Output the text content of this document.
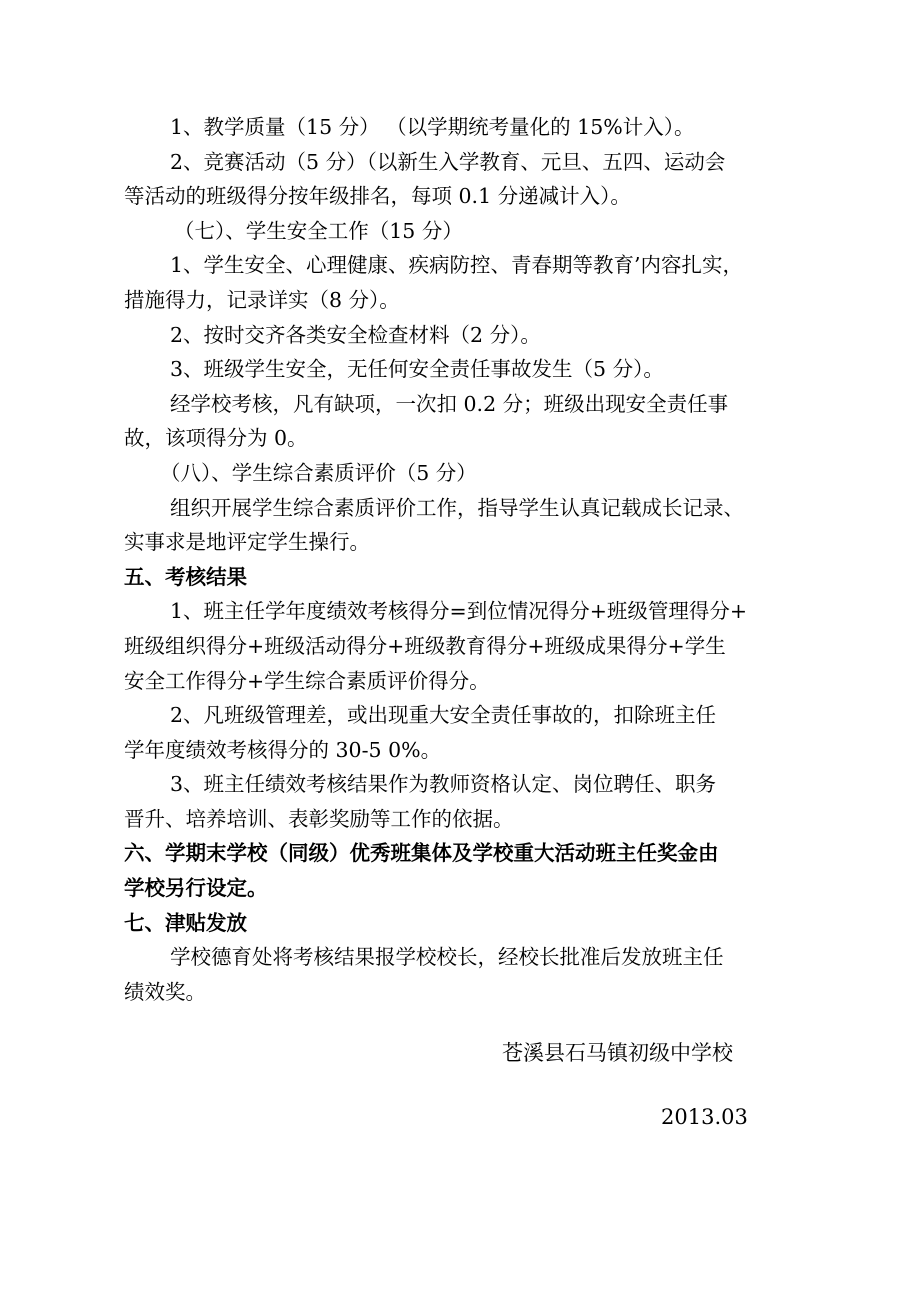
1、教学质量（15 分） （以学期统考量化的 15%计入）。
2、竞赛活动（5 分）（以新生入学教育、元旦、五四、运动会
等活动的班级得分按年级排名，每项 0.1 分递减计入）。
（七）、学生安全工作（15 分）
1、学生安全、心理健康、疾病防控、青春期等教育’内容扎实，
措施得力，记录详实（8 分）。
2、按时交齐各类安全检查材料（2 分）。
3、班级学生安全，无任何安全责任事故发生（5 分）。
经学校考核，凡有缺项，一次扣 0.2 分；班级出现安全责任事
故，该项得分为 0。
（八）、学生综合素质评价（5 分）
组织开展学生综合素质评价工作，指导学生认真记载成长记录、
实事求是地评定学生操行。
五、考核结果
1、班主任学年度绩效考核得分=到位情况得分+班级管理得分+
班级组织得分+班级活动得分+班级教育得分+班级成果得分+学生
安全工作得分+学生综合素质评价得分。
2、凡班级管理差，或出现重大安全责任事故的，扣除班主任
学年度绩效考核得分的 30-5 0%。
3、班主任绩效考核结果作为教师资格认定、岗位聘任、职务
晋升、培养培训、表彰奖励等工作的依据。
六、学期末学校（同级）优秀班集体及学校重大活动班主任奖金由
学校另行设定。
七、津贴发放
学校德育处将考核结果报学校校长，经校长批准后发放班主任
绩效奖。
苍溪县石马镇初级中学校
2013.03
